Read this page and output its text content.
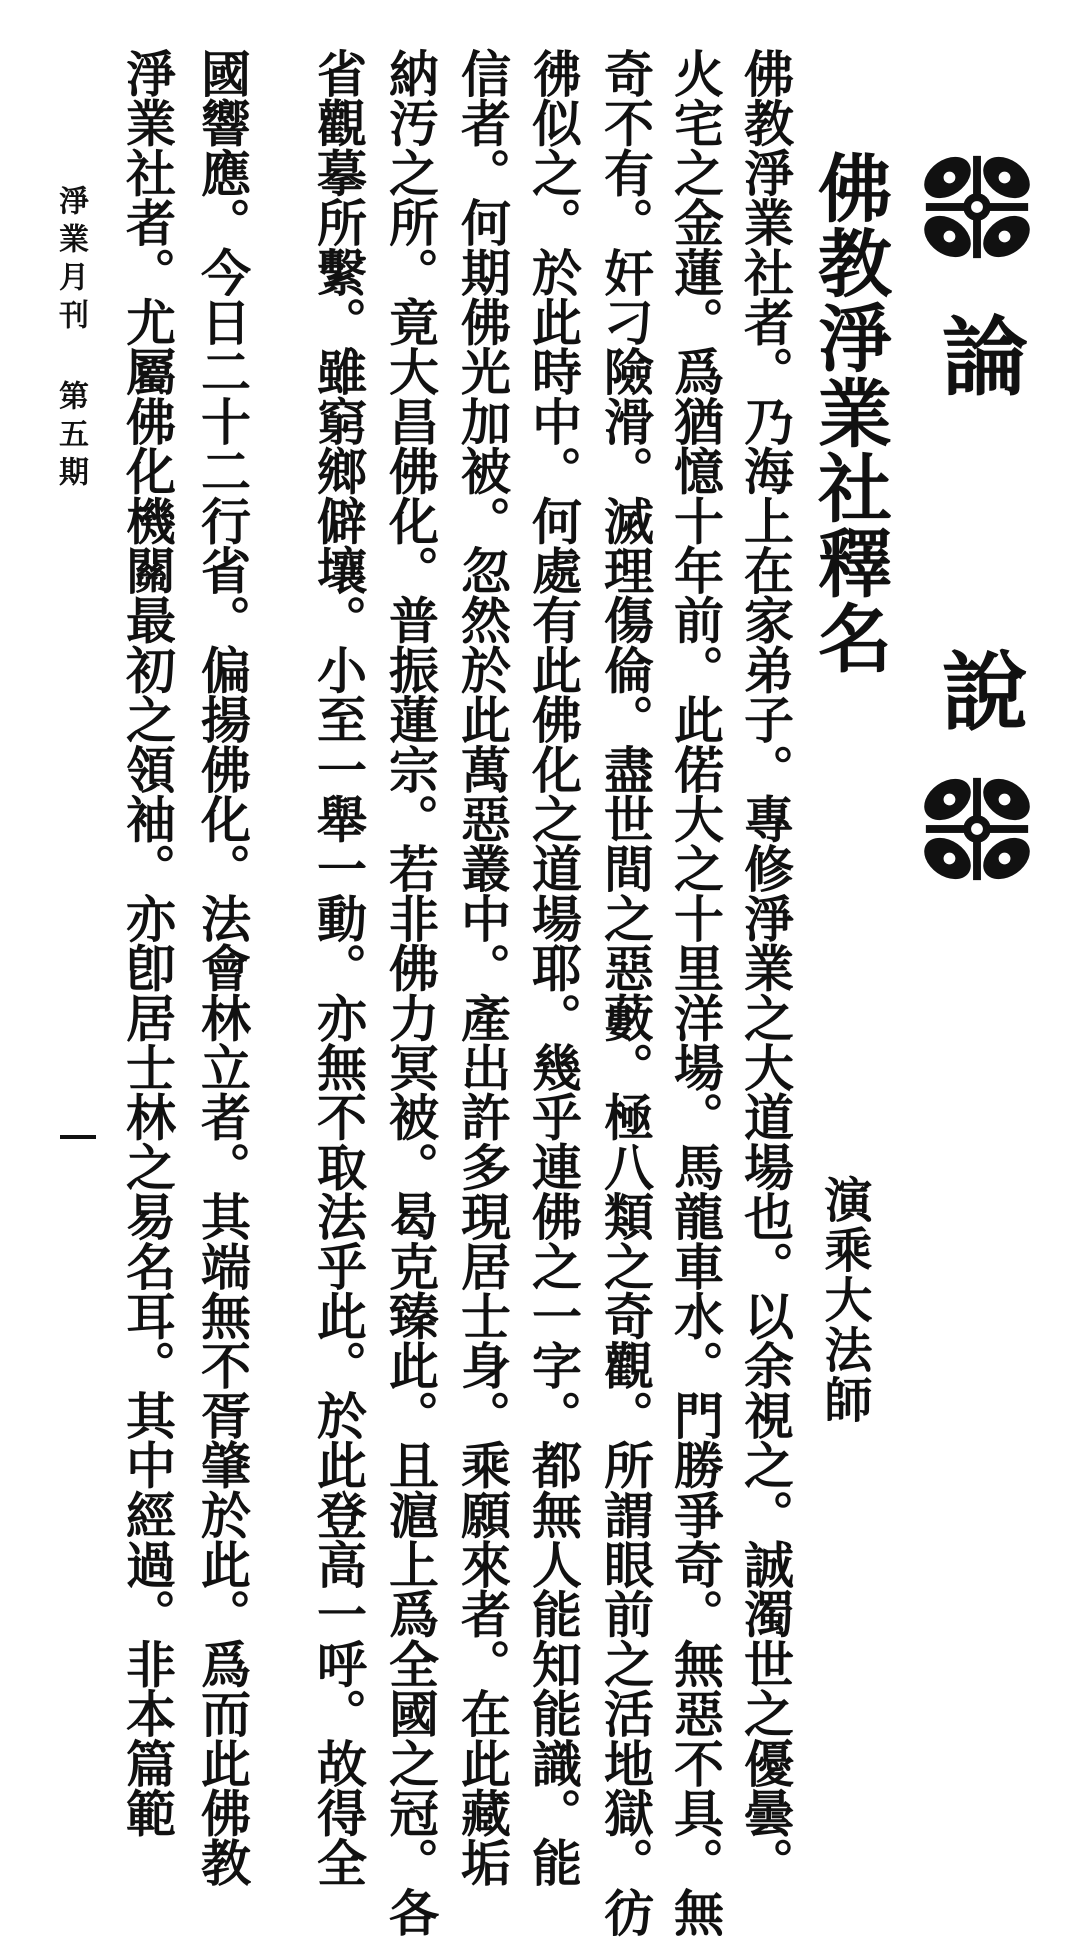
論
說
佛教淨業社釋名
演乘大法師
佛教淨業社者。乃海上在家弟子。專修淨業之大道場也。以余視之。誠濁世之優曇。
火宅之金蓮。爲猶憶十年前。此偌大之十里洋場。馬龍車水。門勝爭奇。無惡不具。無
奇不有。奸刁險滑。滅理傷倫。盡世間之惡藪。極八類之奇觀。所謂眼前之活地獄。彷
彿似之。於此時中。何處有此佛化之道場耶。幾乎連佛之一字。都無人能知能識。能
信者。何期佛光加被。忽然於此萬惡叢中。產出許多現居士身。乘願來者。在此藏垢
納汚之所。竟大昌佛化。普振蓮宗。若非佛力冥被。曷克臻此。且滬上爲全國之冠。各
省觀摹所繫。雖窮鄉僻壤。小至一舉一動。亦無不取法乎此。於此登高一呼。故得全
國響應。今日二十二行省。偏揚佛化。法會林立者。其端無不胥肇於此。爲而此佛教
淨業社者。尤屬佛化機關最初之領袖。亦卽居士林之易名耳。其中經過。非本篇範
淨業月刊 第五期
